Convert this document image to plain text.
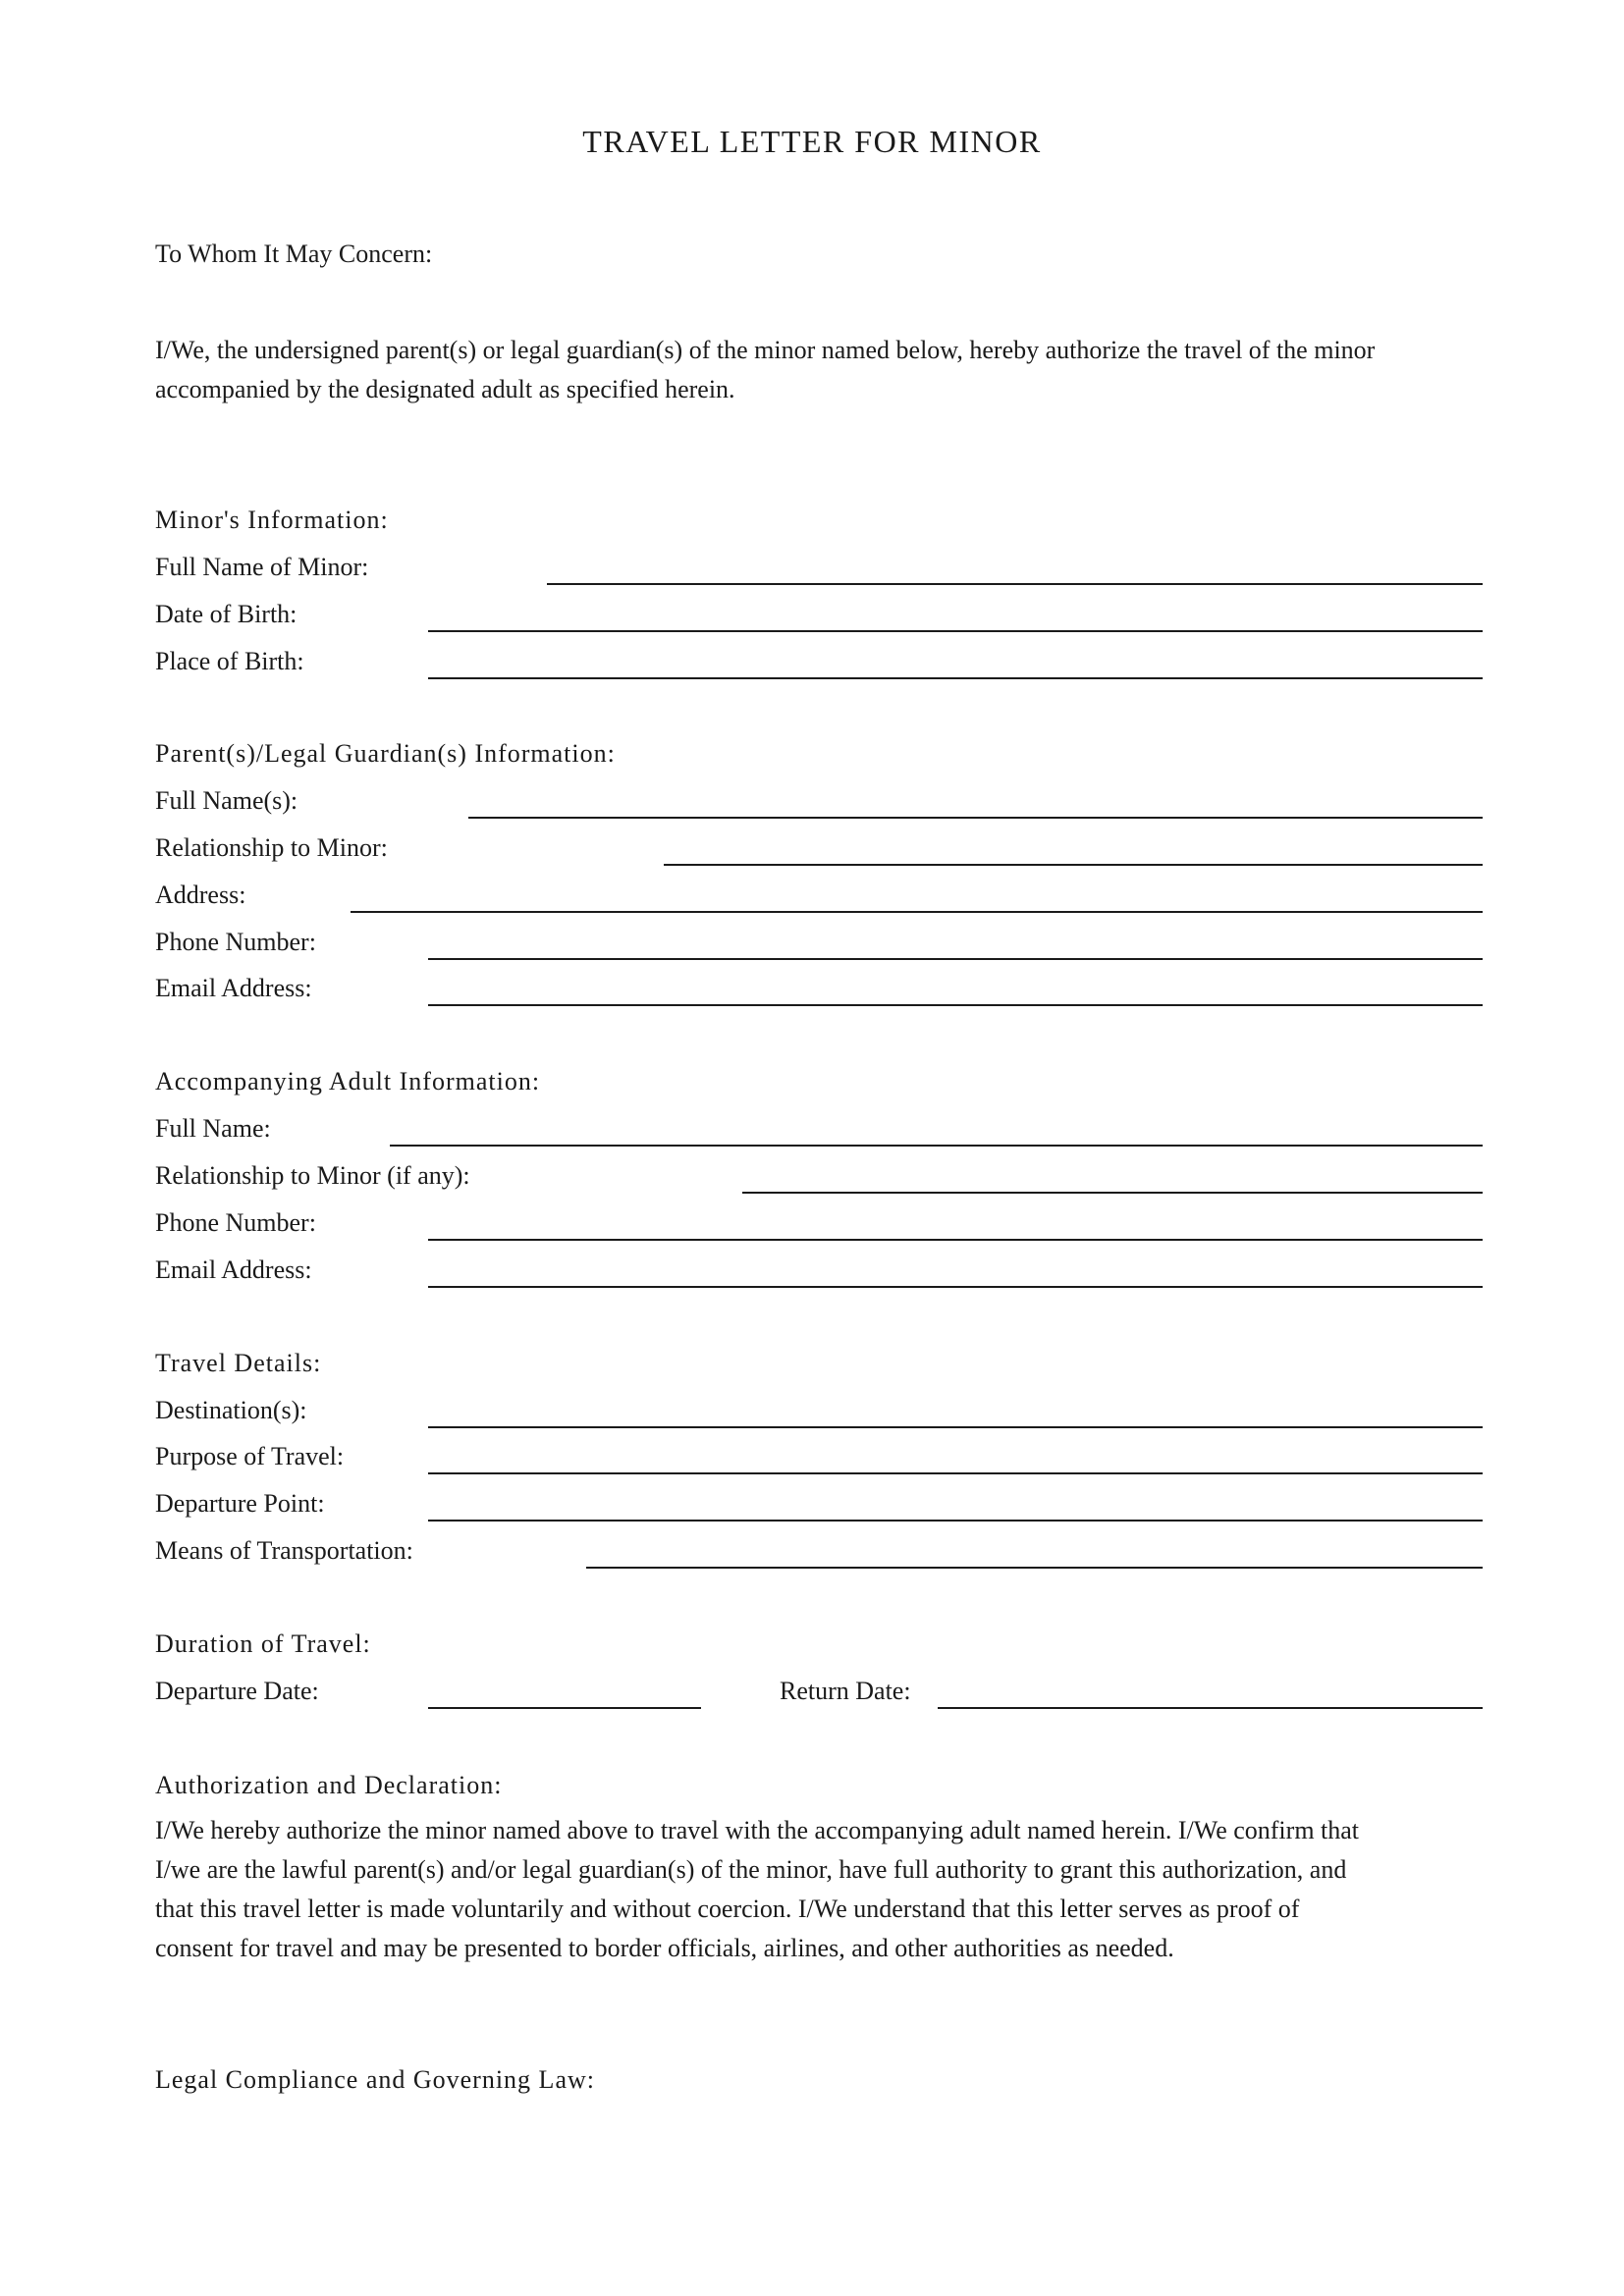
TRAVEL LETTER FOR MINOR
To Whom It May Concern:
I/We, the undersigned parent(s) or legal guardian(s) of the minor named below, hereby authorize the travel of the minor
accompanied by the designated adult as specified herein.
Minor's Information:
Full Name of Minor:
Date of Birth:
Place of Birth:
Parent(s)/Legal Guardian(s) Information:
Full Name(s):
Relationship to Minor:
Address:
Phone Number:
Email Address:
Accompanying Adult Information:
Full Name:
Relationship to Minor (if any):
Phone Number:
Email Address:
Travel Details:
Destination(s):
Purpose of Travel:
Departure Point:
Means of Transportation:
Duration of Travel:
Departure Date:	Return Date:
Authorization and Declaration:
I/We hereby authorize the minor named above to travel with the accompanying adult named herein. I/We confirm that
I/we are the lawful parent(s) and/or legal guardian(s) of the minor, have full authority to grant this authorization, and
that this travel letter is made voluntarily and without coercion. I/We understand that this letter serves as proof of
consent for travel and may be presented to border officials, airlines, and other authorities as needed.
Legal Compliance and Governing Law:
